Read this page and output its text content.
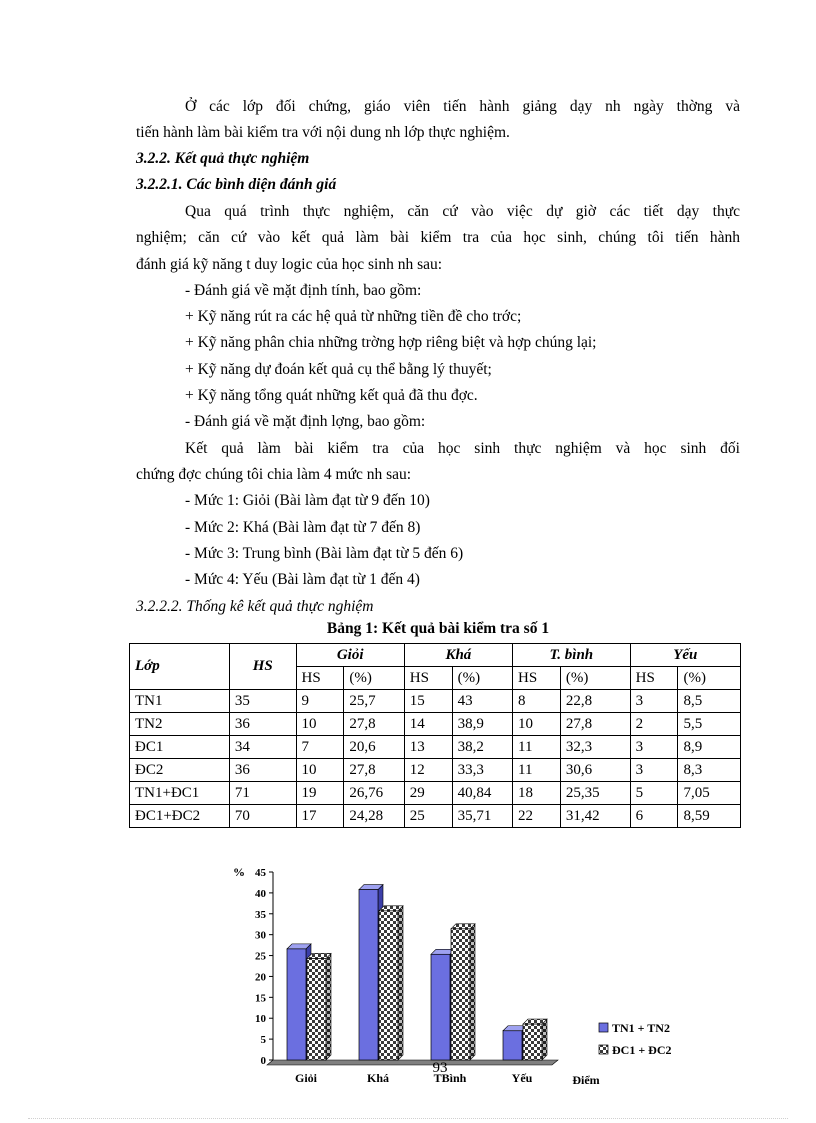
Ở các lớp đối chứng, giáo viên tiến hành giảng dạy nh ngày thờng và

tiến hành làm bài kiểm tra với nội dung nh lớp thực nghiệm.

3.2.2. Kết quả thực nghiệm

3.2.2.1. Các bình diện đánh giá

Qua quá trình thực nghiệm, căn cứ vào việc dự giờ các tiết dạy thực

nghiệm; căn cứ vào kết quả làm bài kiểm tra của học sinh, chúng tôi tiến hành

đánh giá kỹ năng t duy logic của học sinh nh sau:

- Đánh giá về mặt định tính, bao gồm:

+ Kỹ năng rút ra các hệ quả từ những tiền đề cho trớc;

+ Kỹ năng phân chia những trờng hợp riêng biệt và hợp chúng lại;

+ Kỹ năng dự đoán kết quả cụ thể bằng lý thuyết;

+ Kỹ năng tổng quát những kết quả đã thu đợc.

- Đánh giá về mặt định lợng, bao gồm:

Kết quả làm bài kiểm tra của học sinh thực nghiệm và học sinh đối

chứng đợc chúng tôi chia làm 4 mức nh sau:

- Mức 1: Giỏi (Bài làm đạt từ 9 đến 10)

- Mức 2: Khá (Bài làm đạt từ 7 đến 8)

- Mức 3: Trung bình (Bài làm đạt từ 5 đến 6)

- Mức 4: Yếu (Bài làm đạt từ 1 đến 4)

3.2.2.2. Thống kê kết quả thực nghiệm

Bảng 1: Kết quả bài kiểm tra số 1
Lớp	HS	Giỏi		Khá		T. bình		Yếu	
		HS	(%)	HS	(%)	HS	(%)	HS	(%)
TN1	35	9	25,7	15	43	8	22,8	3	8,5
TN2	36	10	27,8	14	38,9	10	27,8	2	5,5
ĐC1	34	7	20,6	13	38,2	11	32,3	3	8,9
ĐC2	36	10	27,8	12	33,3	11	30,6	3	8,3
TN1+ĐC1	71	19	26,76	29	40,84	18	25,35	5	7,05
ĐC1+ĐC2	70	17	24,28	25	35,71	22	31,42	6	8,59
0
5
10
15
20
25
30
35
40
45
%
Giỏi	Khá	TBình	Yếu	Điểm
TN1 + TN2
ĐC1 + ĐC2
93
